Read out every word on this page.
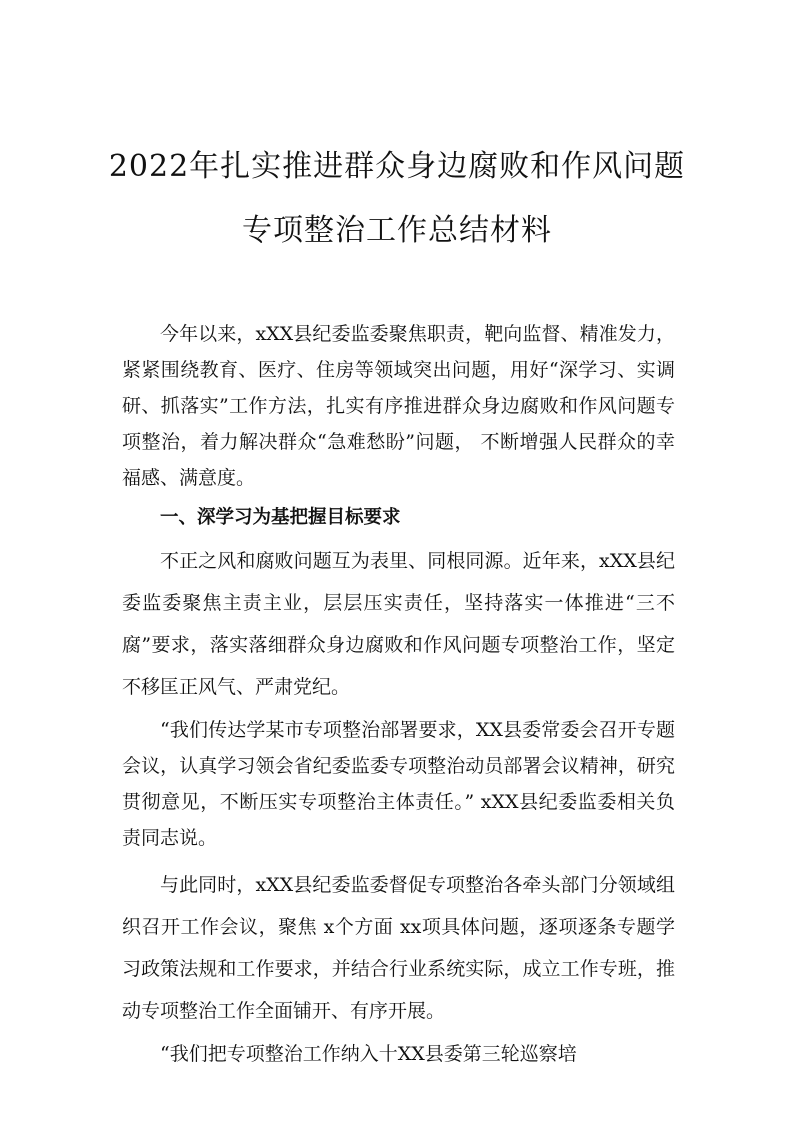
2022年扎实推进群众身边腐败和作风问题
专项整治工作总结材料

今年以来，xXX县纪委监委聚焦职责，靶向监督、精准发力，紧紧围绕教育、医疗、住房等领域突出问题，用好“深学习、实调研、抓落实”工作方法，扎实有序推进群众身边腐败和作风问题专项整治，着力解决群众“急难愁盼”问题， 不断增强人民群众的幸福感、满意度。

一、深学习为基把握目标要求

不正之风和腐败问题互为表里、同根同源。近年来，xXX县纪委监委聚焦主责主业，层层压实责任，坚持落实一体推进“三不腐”要求，落实落细群众身边腐败和作风问题专项整治工作，坚定不移匡正风气、严肃党纪。

“我们传达学某市专项整治部署要求，XX县委常委会召开专题会议，认真学习领会省纪委监委专项整治动员部署会议精神，研究贯彻意见，不断压实专项整治主体责任。” xXX县纪委监委相关负责同志说。

与此同时，xXX县纪委监委督促专项整治各牵头部门分领域组织召开工作会议，聚焦 x个方面 xx项具体问题，逐项逐条专题学习政策法规和工作要求，并结合行业系统实际，成立工作专班，推动专项整治工作全面铺开、有序开展。

“我们把专项整治工作纳入十XX县委第三轮巡察培
